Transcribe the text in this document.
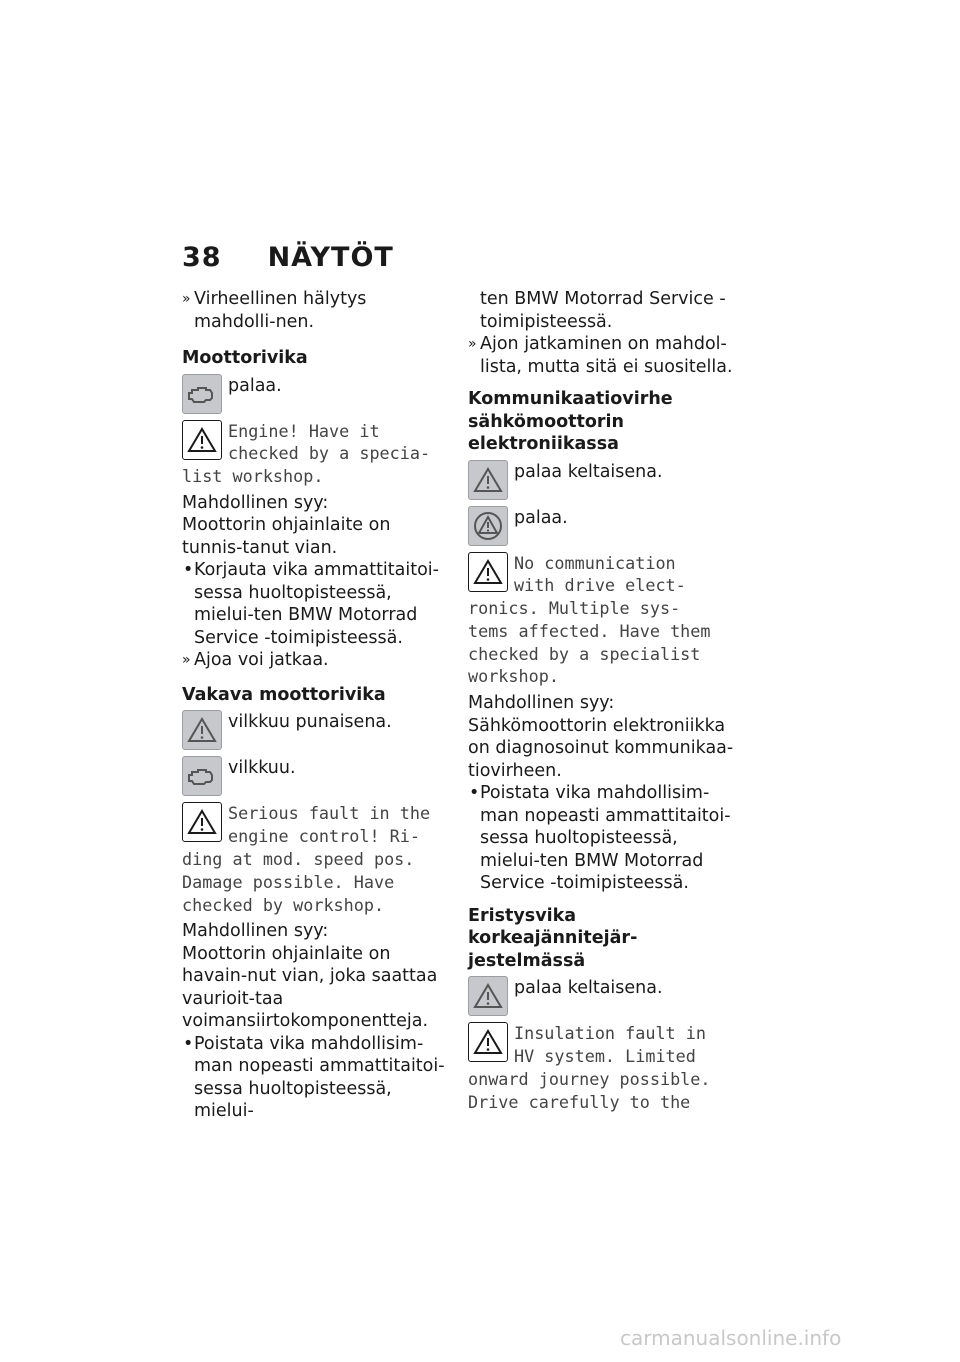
38 NÄYTÖT

» Virheellinen hälytys mahdolli-nen.

Moottorivika

palaa.

Engine! Have it

checked by a specia-

list workshop.

Mahdollinen syy:

Moottorin ohjainlaite on tunnis-tanut vian.

• Korjauta vika ammattitaitoi-sessa huoltopisteessä, mielui-ten BMW Motorrad Service -toimipisteessä.

» Ajoa voi jatkaa.

Vakava moottorivika

vilkkuu punaisena.
vilkkuu.

Serious fault in the

engine control! Ri-

ding at mod. speed pos.

Damage possible. Have

checked by workshop.

Mahdollinen syy:

Moottorin ohjainlaite on havain-nut vian, joka saattaa vaurioit-taa voimansiirtokomponentteja.

• Poistata vika mahdollisim-man nopeasti ammattitaitoi-sessa huoltopisteessä, mielui-

ten BMW Motorrad Service -toimipisteessä.

» Ajon jatkaminen on mahdol-lista, mutta sitä ei suositella.

Kommunikaatiovirhe sähkömoottorin elektroniikassa

palaa keltaisena.
palaa.

No communication

with drive elect-

ronics. Multiple sys-

tems affected. Have them

checked by a specialist

workshop.

Mahdollinen syy:

Sähkömoottorin elektroniikka on diagnosoinut kommunikaa-tiovirheen.

• Poistata vika mahdollisim-man nopeasti ammattitaitoi-sessa huoltopisteessä, mielui-ten BMW Motorrad Service -toimipisteessä.

Eristysvika korkeajännitejär-jestelmässä

palaa keltaisena.

Insulation fault in

HV system. Limited

onward journey possible.

Drive carefully to the

carmanualsonline.info
